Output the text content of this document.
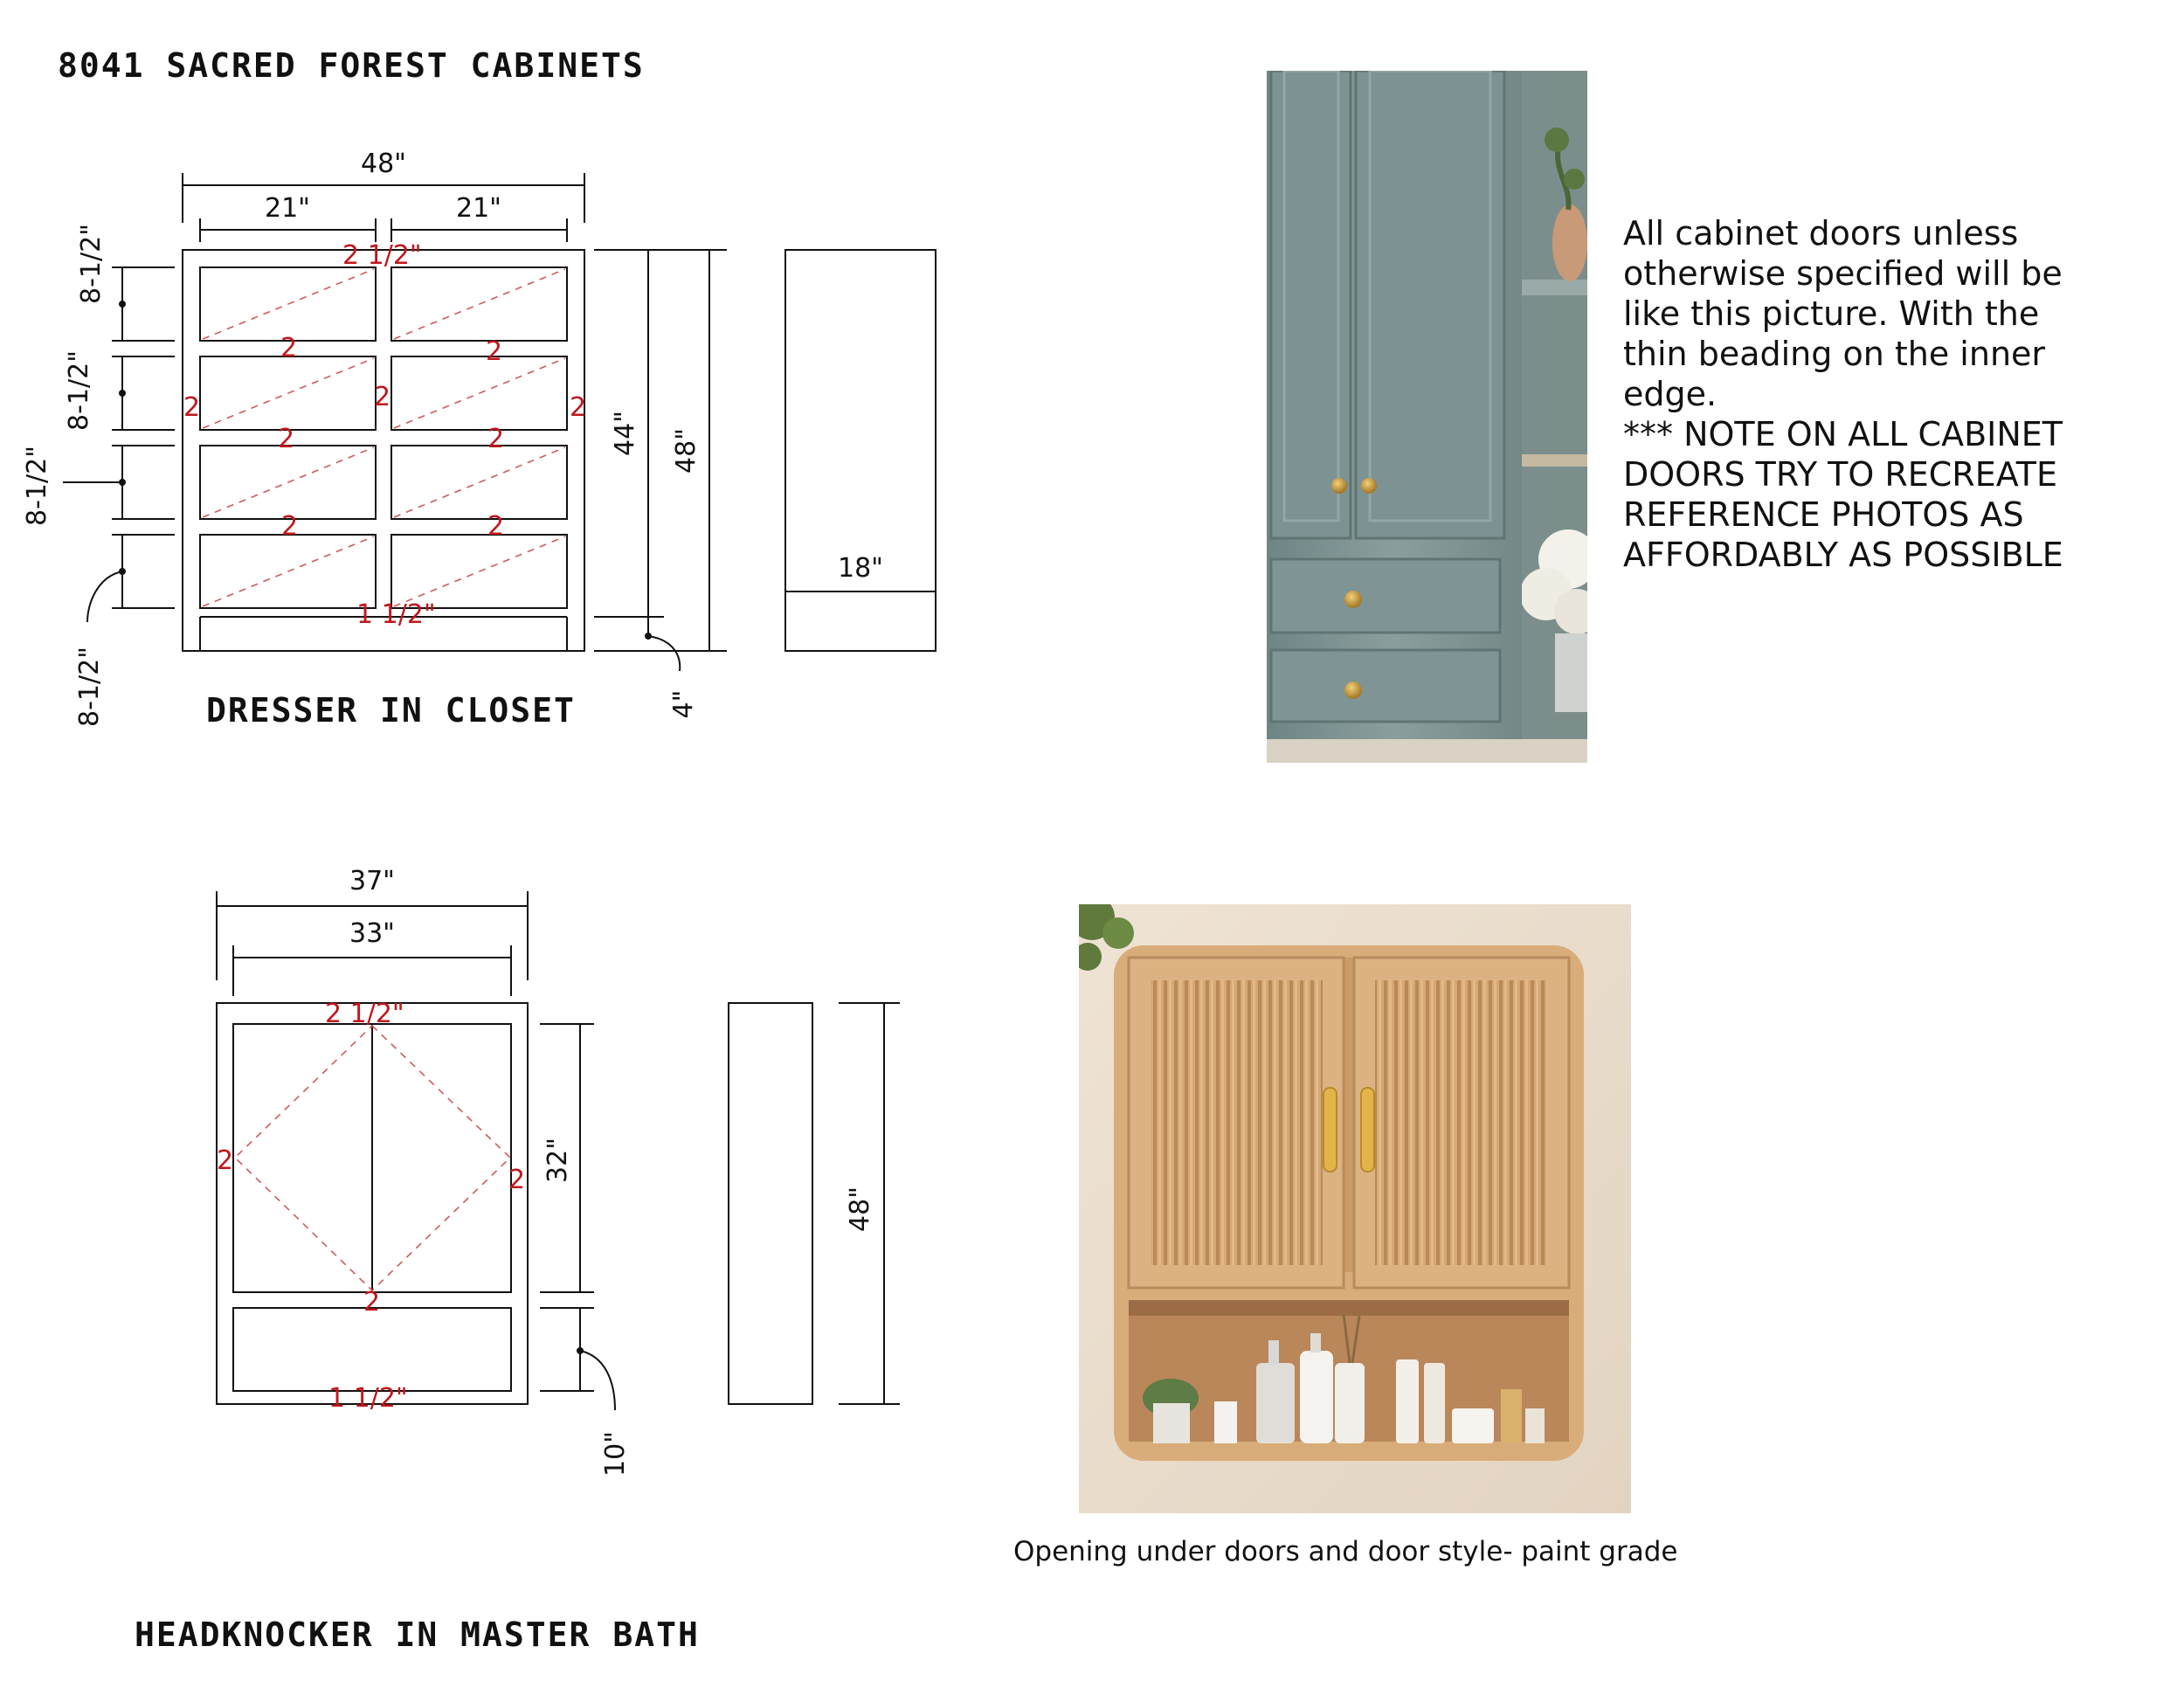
8041 SACRED FOREST CABINETS
2 1/2"
1 1/2"
2	2
2	2	2
2	2
2	2
48"
21"	21"
8-1/2"
8-1/2"
8-1/2"
8-1/2"
44" 48"
4"
18"
DRESSER IN CLOSET
2 1/2"
1 1/2"
2
2
2
37"
33"
32"
10"
48"
HEADKNOCKER IN MASTER BATH
All cabinet doors unless
otherwise specified will be
like this picture. With the
thin beading on the inner
edge.
*** NOTE ON ALL CABINET
DOORS TRY TO RECREATE
REFERENCE PHOTOS AS
AFFORDABLY AS POSSIBLE
Opening under doors and door style- paint grade
